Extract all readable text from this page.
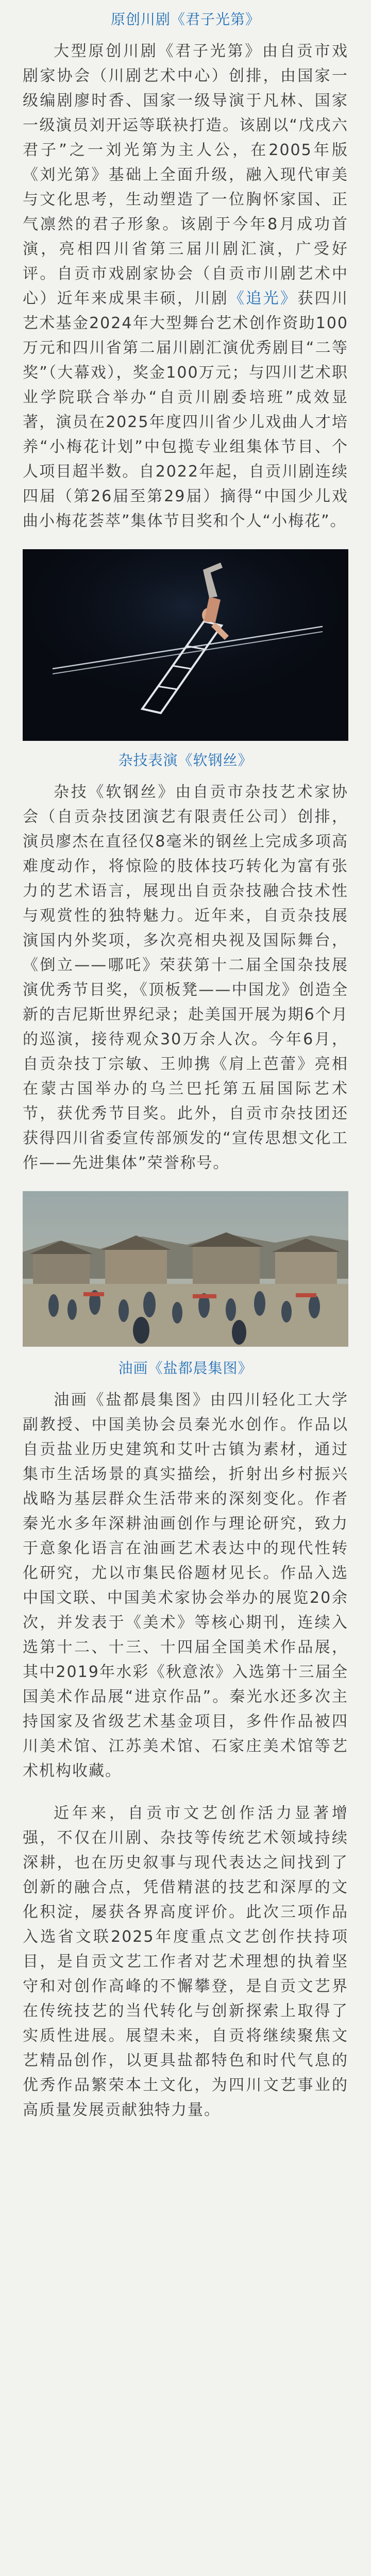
原创川剧《君子光第》

大型原创川剧《君子光第》由自贡市戏剧家协会（川剧艺术中心）创排，由国家一级编剧廖时香、国家一级导演于凡林、国家一级演员刘开运等联袂打造。该剧以“戊戌六君子”之一刘光第为主人公，在2005年版《刘光第》基础上全面升级，融入现代审美与文化思考，生动塑造了一位胸怀家国、正气凛然的君子形象。该剧于今年8月成功首演，亮相四川省第三届川剧汇演，广受好评。自贡市戏剧家协会（自贡市川剧艺术中心）近年来成果丰硕，川剧《追光》获四川艺术基金2024年大型舞台艺术创作资助100万元和四川省第二届川剧汇演优秀剧目“二等奖”（大幕戏），奖金100万元；与四川艺术职业学院联合举办“自贡川剧委培班”成效显著，演员在2025年度四川省少儿戏曲人才培养“小梅花计划”中包揽专业组集体节目、个人项目超半数。自2022年起，自贡川剧连续四届（第26届至第29届）摘得“中国少儿戏曲小梅花荟萃”集体节目奖和个人“小梅花”。

杂技表演《软钢丝》

杂技《软钢丝》由自贡市杂技艺术家协会（自贡杂技团演艺有限责任公司）创排，演员廖杰在直径仅8毫米的钢丝上完成多项高难度动作，将惊险的肢体技巧转化为富有张力的艺术语言，展现出自贡杂技融合技术性与观赏性的独特魅力。近年来，自贡杂技展演国内外奖项，多次亮相央视及国际舞台，《倒立——哪吒》荣获第十二届全国杂技展演优秀节目奖，《顶板凳——中国龙》创造全新的吉尼斯世界纪录；赴美国开展为期6个月的巡演，接待观众30万余人次。今年6月，自贡杂技丁宗敏、王帅携《肩上芭蕾》亮相在蒙古国举办的乌兰巴托第五届国际艺术节，获优秀节目奖。此外，自贡市杂技团还获得四川省委宣传部颁发的“宣传思想文化工作——先进集体”荣誉称号。

油画《盐都晨集图》

油画《盐都晨集图》由四川轻化工大学副教授、中国美协会员秦光水创作。作品以自贡盐业历史建筑和艾叶古镇为素材，通过集市生活场景的真实描绘，折射出乡村振兴战略为基层群众生活带来的深刻变化。作者秦光水多年深耕油画创作与理论研究，致力于意象化语言在油画艺术表达中的现代性转化研究，尤以市集民俗题材见长。作品入选中国文联、中国美术家协会举办的展览20余次，并发表于《美术》等核心期刊，连续入选第十二、十三、十四届全国美术作品展，其中2019年水彩《秋意浓》入选第十三届全国美术作品展“进京作品”。秦光水还多次主持国家及省级艺术基金项目，多件作品被四川美术馆、江苏美术馆、石家庄美术馆等艺术机构收藏。

近年来，自贡市文艺创作活力显著增强，不仅在川剧、杂技等传统艺术领域持续深耕，也在历史叙事与现代表达之间找到了创新的融合点，凭借精湛的技艺和深厚的文化积淀，屡获各界高度评价。此次三项作品入选省文联2025年度重点文艺创作扶持项目，是自贡文艺工作者对艺术理想的执着坚守和对创作高峰的不懈攀登，是自贡文艺界在传统技艺的当代转化与创新探索上取得了实质性进展。展望未来，自贡将继续聚焦文艺精品创作，以更具盐都特色和时代气息的优秀作品繁荣本土文化，为四川文艺事业的高质量发展贡献独特力量。
